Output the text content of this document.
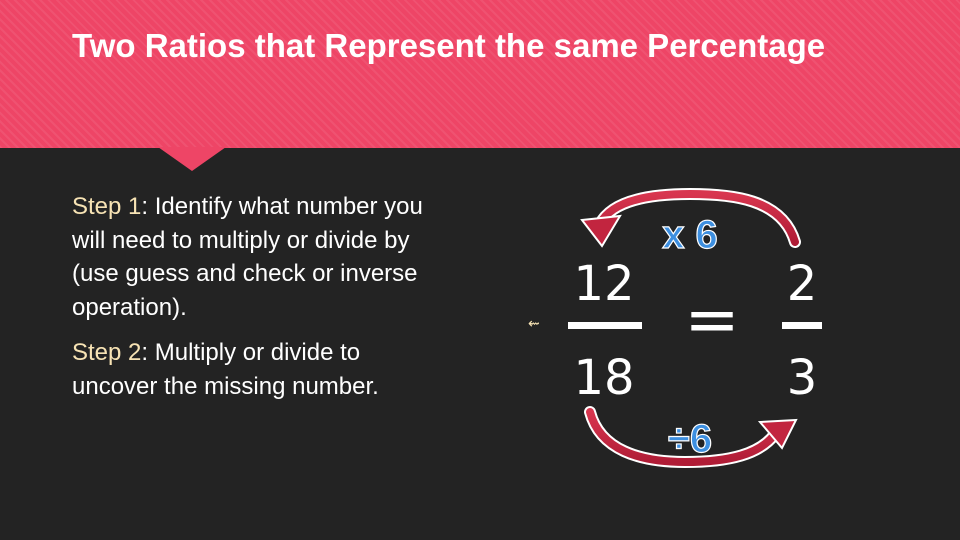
Two Ratios that Represent the same Percentage

Step 1: Identify what number you will need to multiply or divide by (use guess and check or inverse operation).

Step 2: Multiply or divide to uncover the missing number.

⇜
x 6
12
18
= 2
3
÷6
